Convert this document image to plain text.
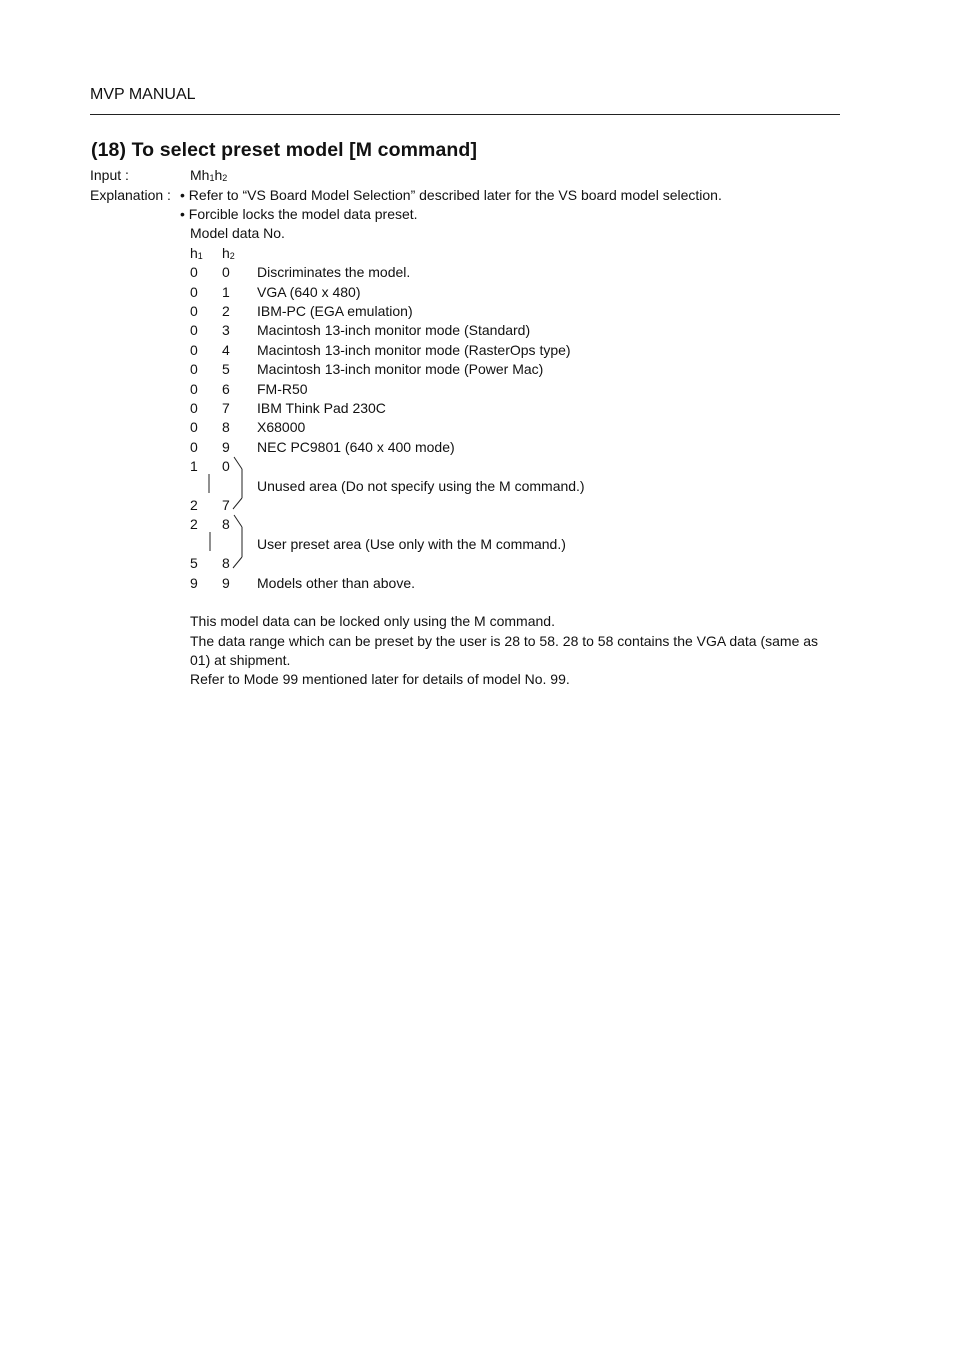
MVP MANUAL
(18) To select preset model [M command]
Input :	Mh1h2
Explanation : • Refer to “VS Board Model Selection” described later for the VS board model selection.
• Forcible locks the model data preset.
Model data No.
h1 h2
0 0 Discriminates the model.
0 1 VGA (640 x 480)
0 2 IBM-PC (EGA emulation)
0 3 Macintosh 13-inch monitor mode (Standard)
0 4 Macintosh 13-inch monitor mode (RasterOps type)
0 5 Macintosh 13-inch monitor mode (Power Mac)
0 6 FM-R50
0 7 IBM Think Pad 230C
0 8 X68000
0 9 NEC PC9801 (640 x 400 mode)
1 0
Unused area (Do not specify using the M command.)
2 7
2 8
User preset area (Use only with the M command.)
5 8
9 9 Models other than above.
This model data can be locked only using the M command.
The data range which can be preset by the user is 28 to 58. 28 to 58 contains the VGA data (same as 01) at shipment.
Refer to Mode 99 mentioned later for details of model No. 99.
